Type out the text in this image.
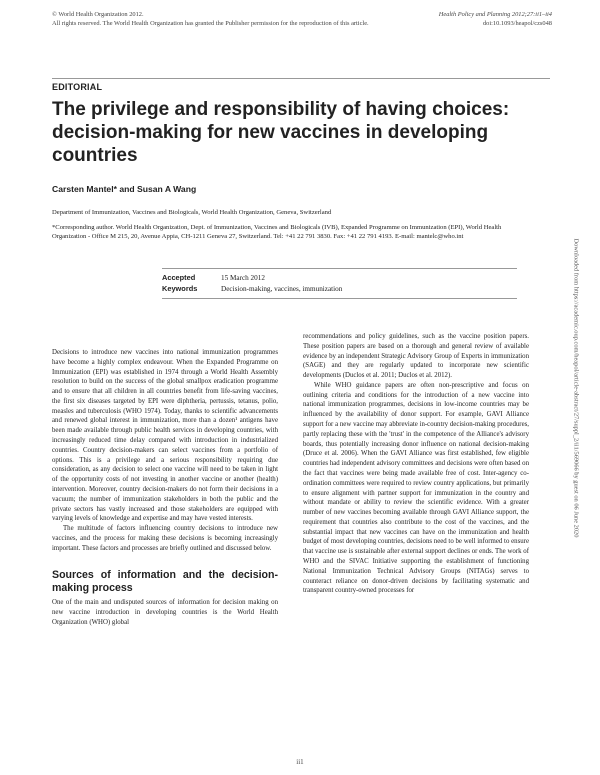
© World Health Organization 2012.
All rights reserved. The World Health Organization has granted the Publisher permission for the reproduction of this article.
Health Policy and Planning 2012;27:ii1–ii4
doi:10.1093/heapol/czs048
EDITORIAL
The privilege and responsibility of having choices: decision-making for new vaccines in developing countries
Carsten Mantel* and Susan A Wang
Department of Immunization, Vaccines and Biologicals, World Health Organization, Geneva, Switzerland
*Corresponding author. World Health Organization, Dept. of Immunization, Vaccines and Biologicals (IVB), Expanded Programme on Immunization (EPI), World Health Organization - Office M 215, 20, Avenue Appia, CH-1211 Geneva 27, Switzerland. Tel: +41 22 791 3830. Fax: +41 22 791 4193. E-mail: mantelc@who.int
Accepted	15 March 2012
Keywords	Decision-making, vaccines, immunization

Decisions to introduce new vaccines into national immunization programmes have become a highly complex endeavour. When the Expanded Programme on Immunization (EPI) was established in 1974 through a World Health Assembly resolution to build on the success of the global smallpox eradication programme and to ensure that all children in all countries benefit from life-saving vaccines, the first six diseases targeted by EPI were diphtheria, pertussis, tetanus, polio, measles and tuberculosis (WHO 1974). Today, thanks to scientific advancements and renewed global interest in immunization, more than a dozen¹ antigens have been made available through public health services in developing countries, with increasingly reduced time delay compared with introduction in industrialized countries. Country decision-makers can select vaccines from a portfolio of options. This is a privilege and a serious responsibility requiring due consideration, as any decision to select one vaccine will need to be taken in light of the opportunity costs of not investing in another vaccine or another (health) intervention. Moreover, country decision-makers do not form their decisions in a vacuum; the number of immunization stakeholders in both the public and the private sectors has vastly increased and those stakeholders are equipped with varying levels of knowledge and expertise and may have vested interests.

The multitude of factors influencing country decisions to introduce new vaccines, and the process for making these decisions is becoming increasingly important. These factors and processes are briefly outlined and discussed below.

Sources of information and the decision-making process

One of the main and undisputed sources of information for decision making on new vaccine introduction in developing countries is the World Health Organization (WHO) global

recommendations and policy guidelines, such as the vaccine position papers. These position papers are based on a thorough and general review of available evidence by an independent Strategic Advisory Group of Experts in immunization (SAGE) and they are regularly updated to incorporate new scientific developments (Duclos et al. 2011; Duclos et al. 2012).

While WHO guidance papers are often non-prescriptive and focus on outlining criteria and conditions for the introduction of a new vaccine into national immunization programmes, decisions in low-income countries may be influenced by the availability of donor support. For example, GAVI Alliance support for a new vaccine may abbreviate in-country decision-making procedures, partly replacing these with the 'trust' in the competence of the Alliance's advisory boards, thus potentially increasing donor influence on national decision-making (Druce et al. 2006). When the GAVI Alliance was first established, few eligible countries had independent advisory committees and decisions were often based on the fact that vaccines were being made available free of cost. Inter-agency co-ordination committees were required to review country applications, but primarily to ensure alignment with partner support for immunization in the country and without mandate or ability to review the scientific evidence. With a greater number of new vaccines becoming available through GAVI Alliance support, the requirement that countries also contribute to the cost of the vaccines, and the substantial impact that new vaccines can have on the immunization and health budget of most developing countries, decisions need to be well informed to ensure that vaccine use is sustainable after external support declines or ends. The work of WHO and the SIVAC Initiative supporting the establishment of functioning National Immunization Technical Advisory Groups (NITAGs) serves to counteract reliance on donor-driven decisions by facilitating systematic and transparent country-owned processes for

Downloaded from https://academic.oup.com/heapol/article-abstract/27/suppl_2/ii1/569066 by guest on 06 June 2020
ii1
